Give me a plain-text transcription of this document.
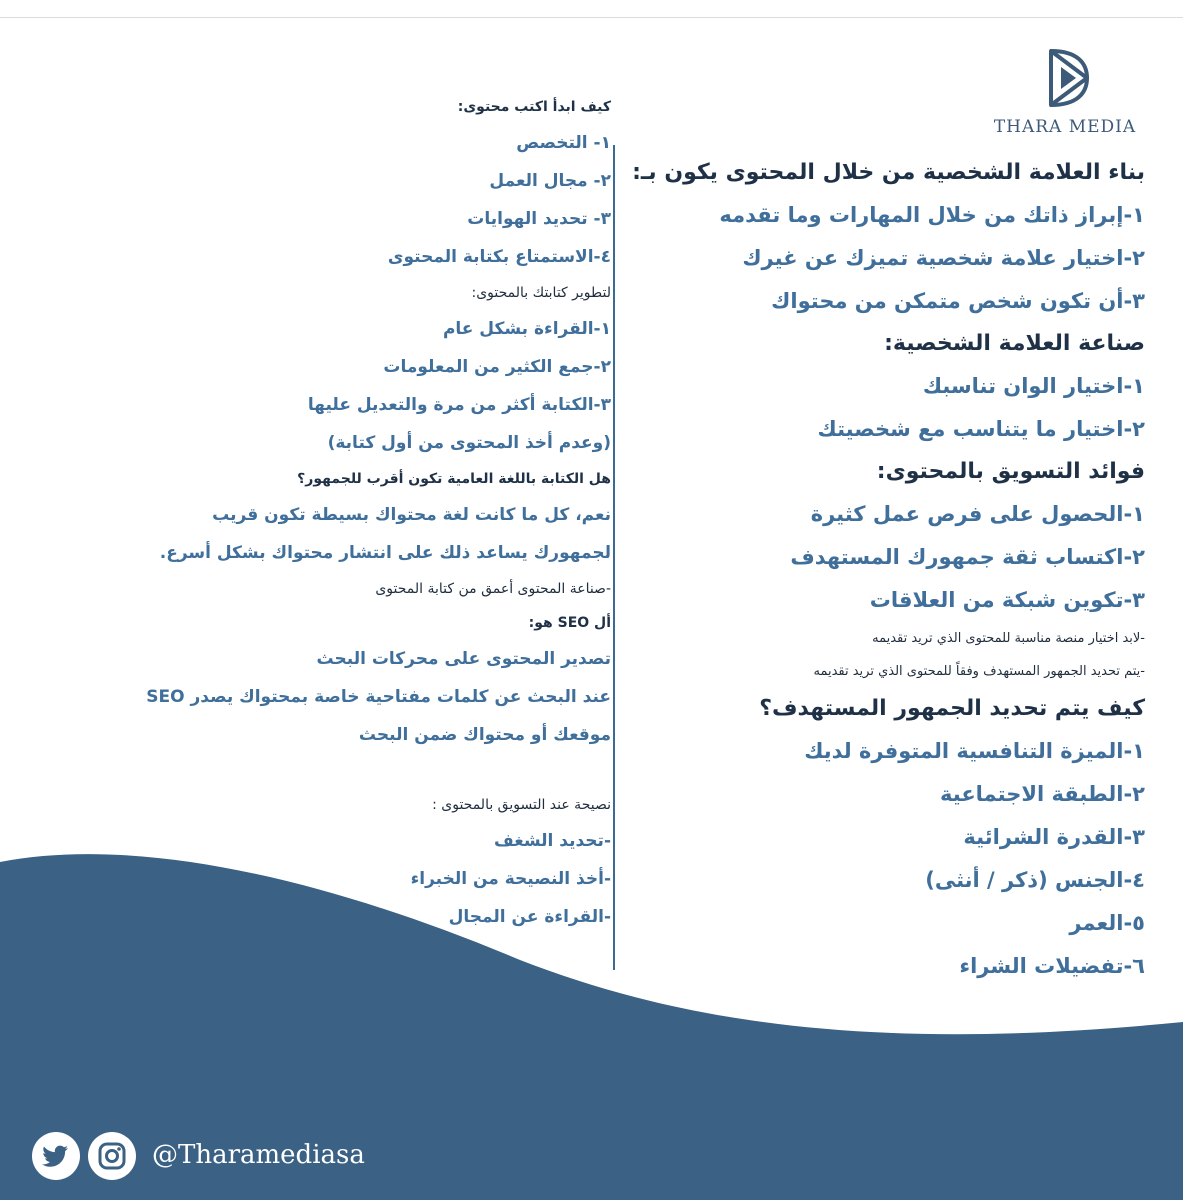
THARA MEDIA
بناء العلامة الشخصية من خلال المحتوى يكون بـ:
١-إبراز ذاتك من خلال المهارات وما تقدمه
٢-اختيار علامة شخصية تميزك عن غيرك
٣-أن تكون شخص متمكن من محتواك
صناعة العلامة الشخصية:
١-اختيار الوان تناسبك
٢-اختيار ما يتناسب مع شخصيتك
فوائد التسويق بالمحتوى:
١-الحصول على فرص عمل كثيرة
٢-اكتساب ثقة جمهورك المستهدف
٣-تكوين شبكة من العلاقات
-لابد اختيار منصة مناسبة للمحتوى الذي تريد تقديمه
-يتم تحديد الجمهور المستهدف وفقاً للمحتوى الذي تريد تقديمه
كيف يتم تحديد الجمهور المستهدف؟
١-الميزة التنافسية المتوفرة لديك
٢-الطبقة الاجتماعية
٣-القدرة الشرائية
٤-الجنس (ذكر / أنثى)
٥-العمر
٦-تفضيلات الشراء
كيف ابدأ اكتب محتوى:
١- التخصص
٢- مجال العمل
٣- تحديد الهوايات
٤-الاستمتاع بكتابة المحتوى
لتطوير كتابتك بالمحتوى:
١-القراءة بشكل عام
٢-جمع الكثير من المعلومات
٣-الكتابة أكثر من مرة والتعديل عليها
(وعدم أخذ المحتوى من أول كتابة)
هل الكتابة باللغة العامية تكون أقرب للجمهور؟
نعم، كل ما كانت لغة محتواك بسيطة تكون قريب
لجمهورك يساعد ذلك على انتشار محتواك بشكل أسرع.
-صناعة المحتوى أعمق من كتابة المحتوى
أل SEO هو:
تصدير المحتوى على محركات البحث
عند البحث عن كلمات مفتاحية خاصة بمحتواك يصدر SEO
موقعك أو محتواك ضمن البحث
نصيحة عند التسويق بالمحتوى :
-تحديد الشغف
-أخذ النصيحة من الخبراء
-القراءة عن المجال
@Tharamediasa
